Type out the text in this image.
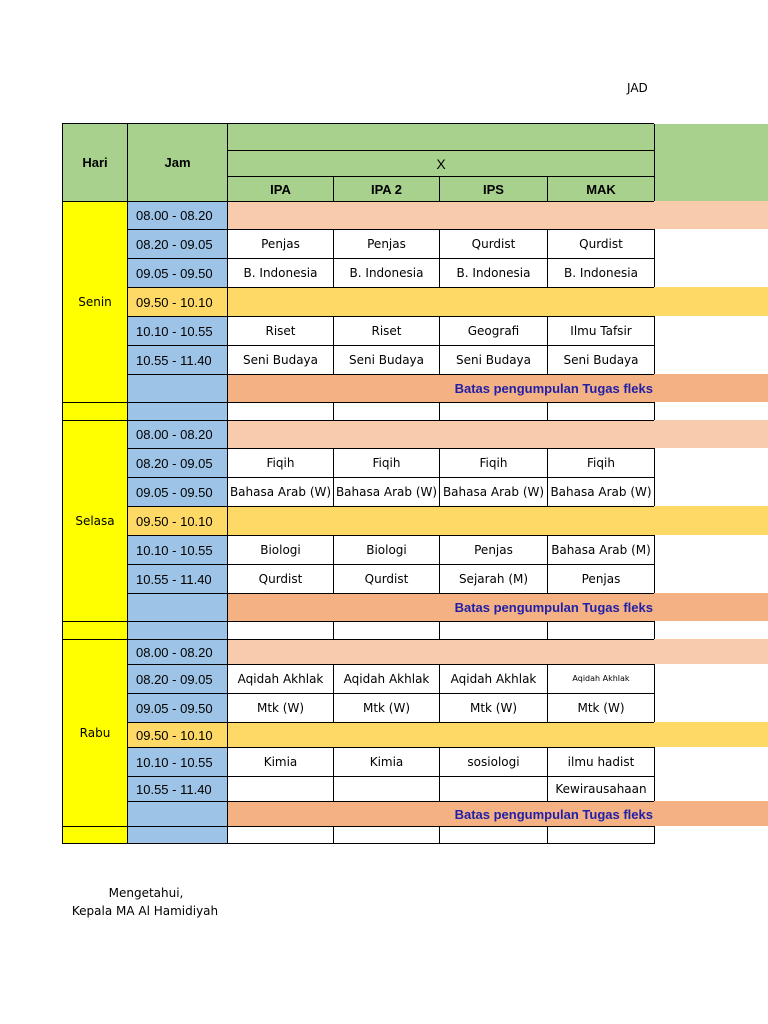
JAD
Hari	Jam				
		X			
		IPA	IPA 2	IPS	MAK
Senin	08.00 - 08.20				
	08.20 - 09.05	Penjas	Penjas	Qurdist	Qurdist
	09.05 - 09.50	B. Indonesia	B. Indonesia	B. Indonesia	B. Indonesia
	09.50 - 10.10				
	10.10 - 10.55	Riset	Riset	Geografi	Ilmu Tafsir
	10.55 - 11.40	Seni Budaya	Seni Budaya	Seni Budaya	Seni Budaya
		Batas pengumpulan Tugas fleks			

Selasa	08.00 - 08.20				
	08.20 - 09.05	Fiqih	Fiqih	Fiqih	Fiqih
	09.05 - 09.50	Bahasa Arab (W)	Bahasa Arab (W)	Bahasa Arab (W)	Bahasa Arab (W)
	09.50 - 10.10				
	10.10 - 10.55	Biologi	Biologi	Penjas	Bahasa Arab (M)
	10.55 - 11.40	Qurdist	Qurdist	Sejarah (M)	Penjas
		Batas pengumpulan Tugas fleks			

Rabu	08.00 - 08.20				
	08.20 - 09.05	Aqidah Akhlak	Aqidah Akhlak	Aqidah Akhlak	Aqidah Akhlak
	09.05 - 09.50	Mtk (W)	Mtk (W)	Mtk (W)	Mtk (W)
	09.50 - 10.10				
	10.10 - 10.55	Kimia	Kimia	sosiologi	ilmu hadist
	10.55 - 11.40				Kewirausahaan
		Batas pengumpulan Tugas fleks			

Mengetahui,
Kepala MA Al Hamidiyah
